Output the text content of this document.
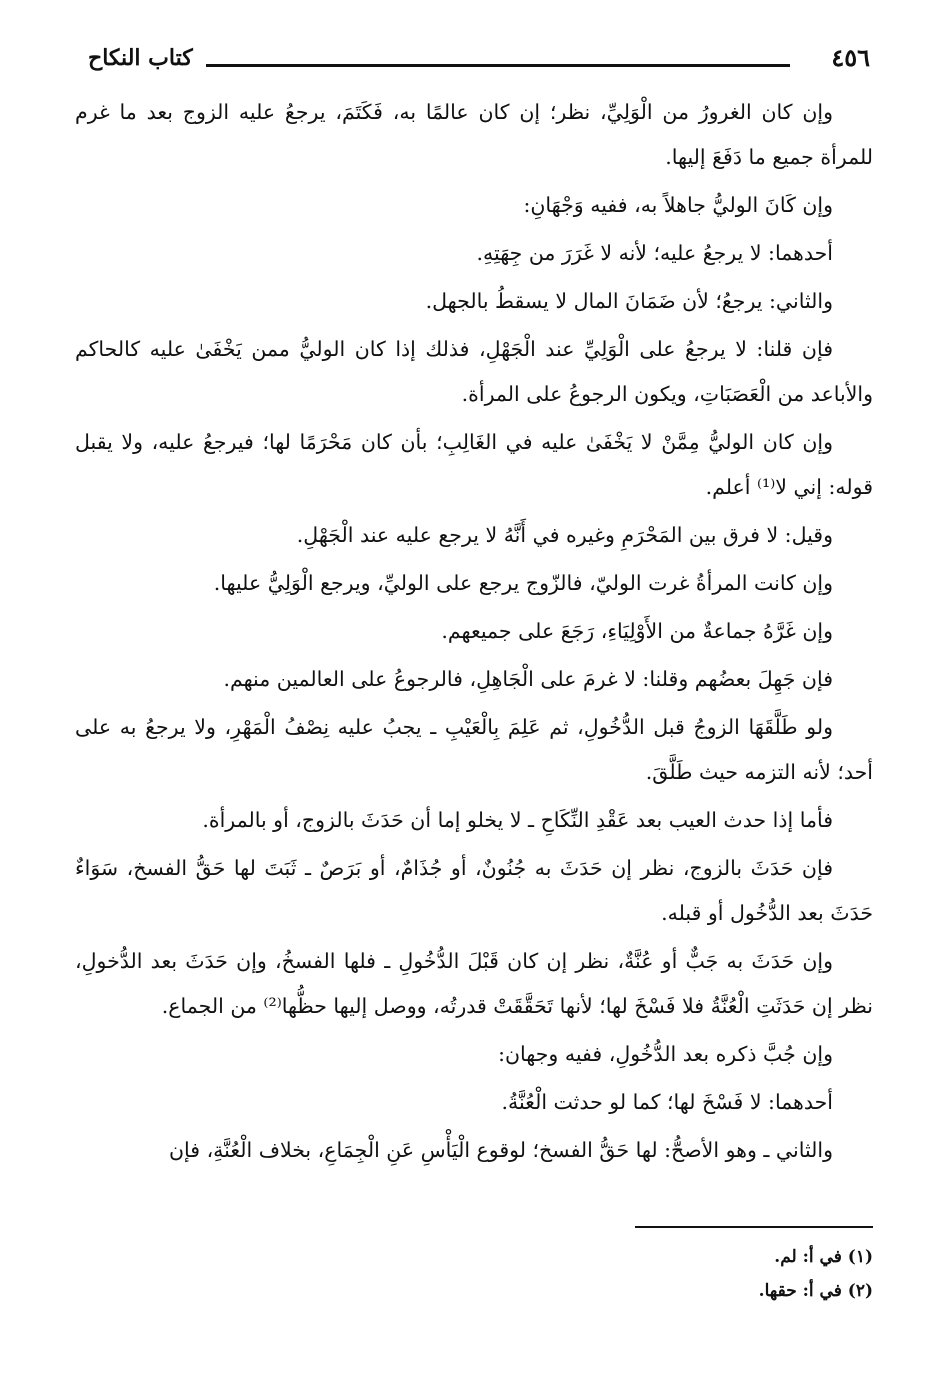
٤٥٦
كتاب النكاح

وإن كان الغرورُ من الْوَلِيِّ، نظر؛ إن كان عالمًا به، فَكَتَمَ، يرجعُ عليه الزوج بعد ما غرم للمرأة جميع ما دَفَعَ إليها.

وإن كَانَ الوليُّ جاهلاً به، ففيه وَجْهَانِ:

أحدهما: لا يرجعُ عليه؛ لأنه لا غَرَرَ من جِهَتِهِ.

والثاني: يرجعُ؛ لأن ضَمَانَ المال لا يسقطُ بالجهل.

فإن قلنا: لا يرجعُ على الْوَلِيِّ عند الْجَهْلِ، فذلك إذا كان الوليُّ ممن يَخْفَىٰ عليه كالحاكم والأباعد من الْعَصَبَاتِ، ويكون الرجوعُ على المرأة.

وإن كان الوليُّ مِمَّنْ لا يَخْفَىٰ عليه في الغَالِبِ؛ بأن كان مَحْرَمًا لها؛ فيرجعُ عليه، ولا يقبل قوله: إني لا⁽¹⁾ أعلم.

وقيل: لا فرق بين المَحْرَمِ وغيره في أَنَّهُ لا يرجع عليه عند الْجَهْلِ.

وإن كانت المرأةُ غرت الوليّ، فالزّوج يرجع على الوليِّ، ويرجع الْوَلِيُّ عليها.

وإن غَرَّهُ جماعةٌ من الأَوْلِيَاءِ، رَجَعَ على جميعهم.

فإن جَهِلَ بعضُهم وقلنا: لا غرمَ على الْجَاهِلِ، فالرجوعُ على العالمين منهم.

ولو طَلَّقَهَا الزوجُ قبل الدُّخُولِ، ثم عَلِمَ بِالْعَيْبِ ـ يجبُ عليه نِصْفُ الْمَهْرِ، ولا يرجعُ به على أحد؛ لأنه التزمه حيث طَلَّقَ.

فأما إذا حدث العيب بعد عَقْدِ النِّكَاحِ ـ لا يخلو إما أن حَدَثَ بالزوج، أو بالمرأة.

فإن حَدَثَ بالزوج، نظر إن حَدَثَ به جُنُونٌ، أو جُذَامٌ، أو بَرَصٌ ـ ثَبَتَ لها حَقُّ الفسخ، سَوَاءٌ حَدَثَ بعد الدُّخُول أو قبله.

وإن حَدَثَ به جَبٌّ أو عُنَّةٌ، نظر إن كان قَبْلَ الدُّخُولِ ـ فلها الفسخُ، وإن حَدَثَ بعد الدُّخولِ، نظر إن حَدَثَتِ الْعُنَّةُ فلا فَسْخَ لها؛ لأنها تَحَقَّقَتْ قدرتُه، ووصل إليها حظُّها⁽²⁾ من الجماع.

وإن جُبَّ ذكره بعد الدُّخُولِ، ففيه وجهان:

أحدهما: لا فَسْخَ لها؛ كما لو حدثت الْعُنَّةُ.

والثاني ـ وهو الأصحُّ: لها حَقُّ الفسخ؛ لوقوع الْيَأْسِ عَنِ الْجِمَاعِ، بخلاف الْعُنَّةِ، فإن

(١) في أ: لم.

(٢) في أ: حقها.
